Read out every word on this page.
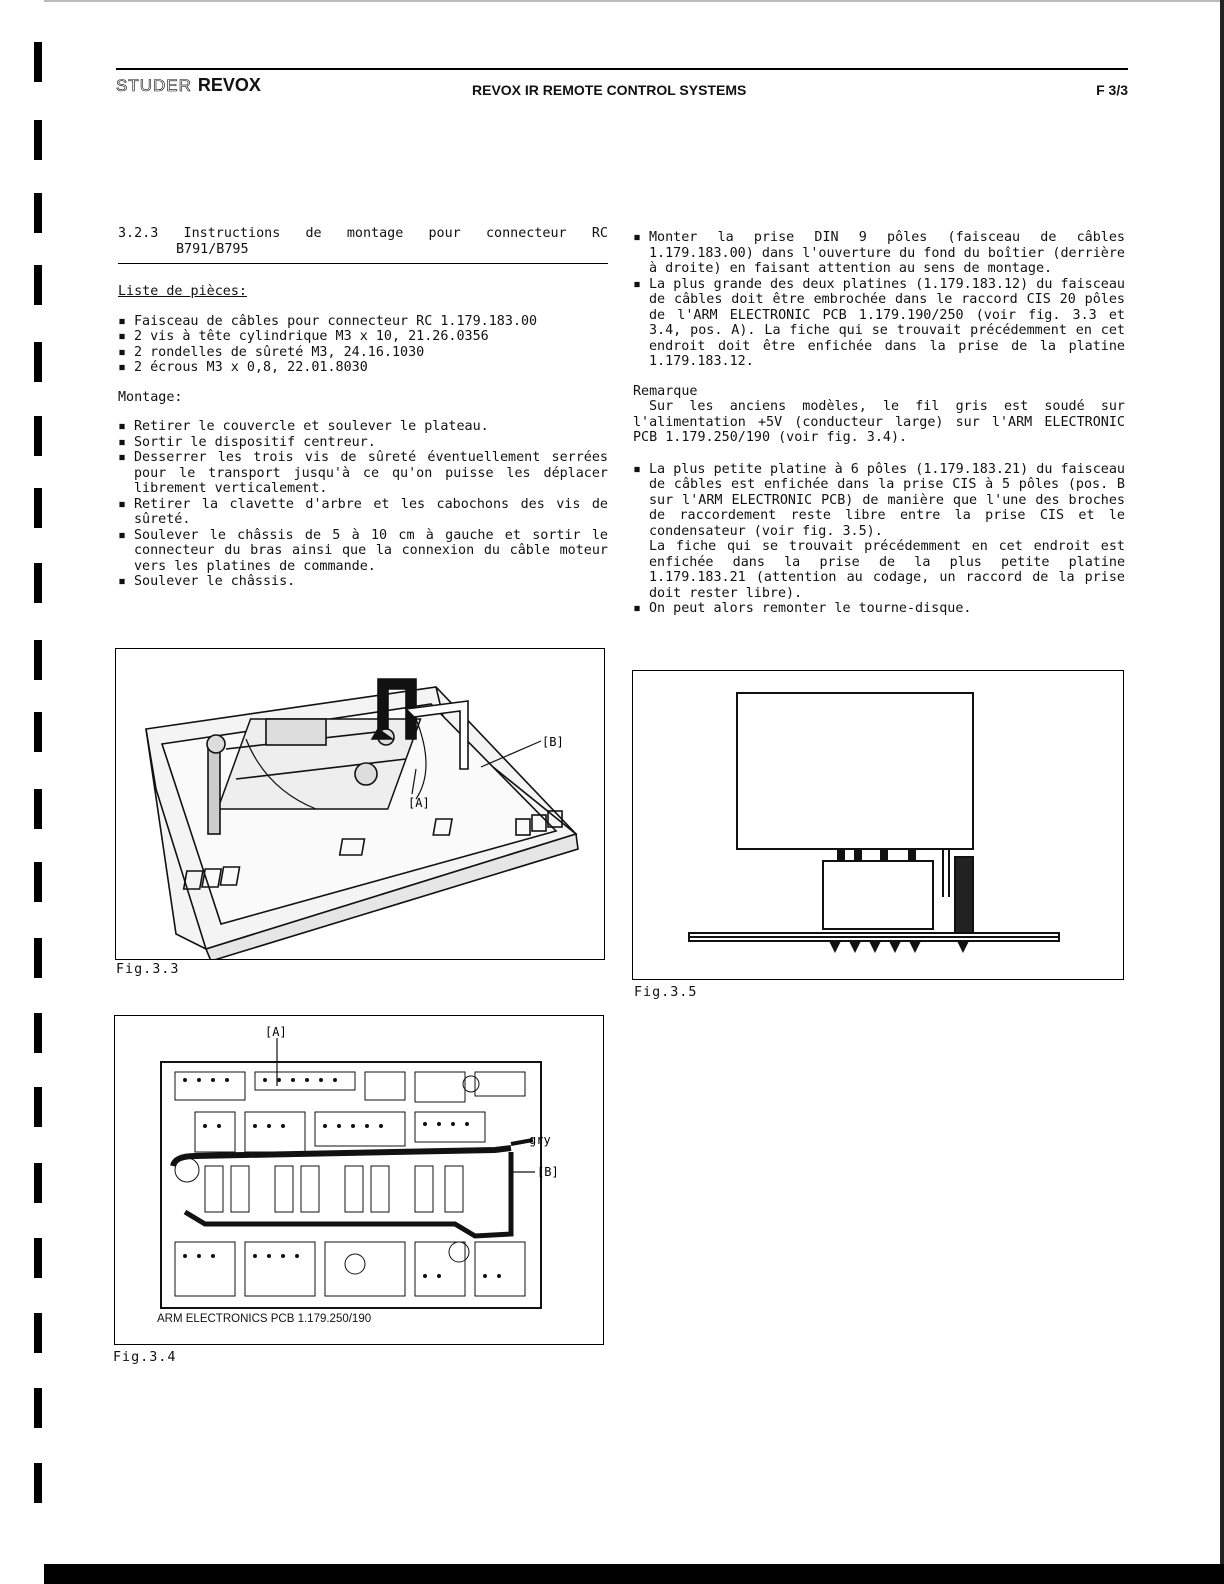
STUDER REVOX	REVOX IR REMOTE CONTROL SYSTEMS	F 3/3
3.2.3 Instructions de montage pour connecteur RC
B791/B795
Liste de pièces:
▪ Faisceau de câbles pour connecteur RC 1.179.183.00
▪ 2 vis à tête cylindrique M3 x 10, 21.26.0356
▪ 2 rondelles de sûreté M3, 24.16.1030
▪ 2 écrous M3 x 0,8, 22.01.8030
Montage:
▪ Retirer le couvercle et soulever le plateau.
▪ Sortir le dispositif centreur.
▪ Desserrer les trois vis de sûreté éventuellement serrées pour le transport jusqu'à ce qu'on puisse les déplacer librement verticalement.
▪ Retirer la clavette d'arbre et les cabochons des vis de sûreté.
▪ Soulever le châssis de 5 à 10 cm à gauche et sortir le connecteur du bras ainsi que la connexion du câble moteur vers les platines de commande.
▪ Soulever le châssis.
▪ Monter la prise DIN 9 pôles (faisceau de câbles 1.179.183.00) dans l'ouverture du fond du boîtier (derrière à droite) en faisant attention au sens de montage.
▪ La plus grande des deux platines (1.179.183.12) du faisceau de câbles doit être embrochée dans le raccord CIS 20 pôles de l'ARM ELECTRONIC PCB 1.179.190/250 (voir fig. 3.3 et 3.4, pos. A). La fiche qui se trouvait précédemment en cet endroit doit être enfichée dans la prise de la platine 1.179.183.12.
Remarque
Sur les anciens modèles, le fil gris est soudé sur l'alimentation +5V (conducteur large) sur l'ARM ELECTRONIC PCB 1.179.250/190 (voir fig. 3.4).
▪ La plus petite platine à 6 pôles (1.179.183.21) du faisceau de câbles est enfichée dans la prise CIS à 5 pôles (pos. B sur l'ARM ELECTRONIC PCB) de manière que l'une des broches de raccordement reste libre entre la prise CIS et le condensateur (voir fig. 3.5).
La fiche qui se trouvait précédemment en cet endroit est enfichée dans la prise de la plus petite platine 1.179.183.21 (attention au codage, un raccord de la prise doit rester libre).
▪ On peut alors remonter le tourne-disque.
[B]
[A]
Fig.3.3
Fig.3.5
[A]
gry
[B]
ARM ELECTRONICS PCB 1.179.250/190
Fig.3.4
